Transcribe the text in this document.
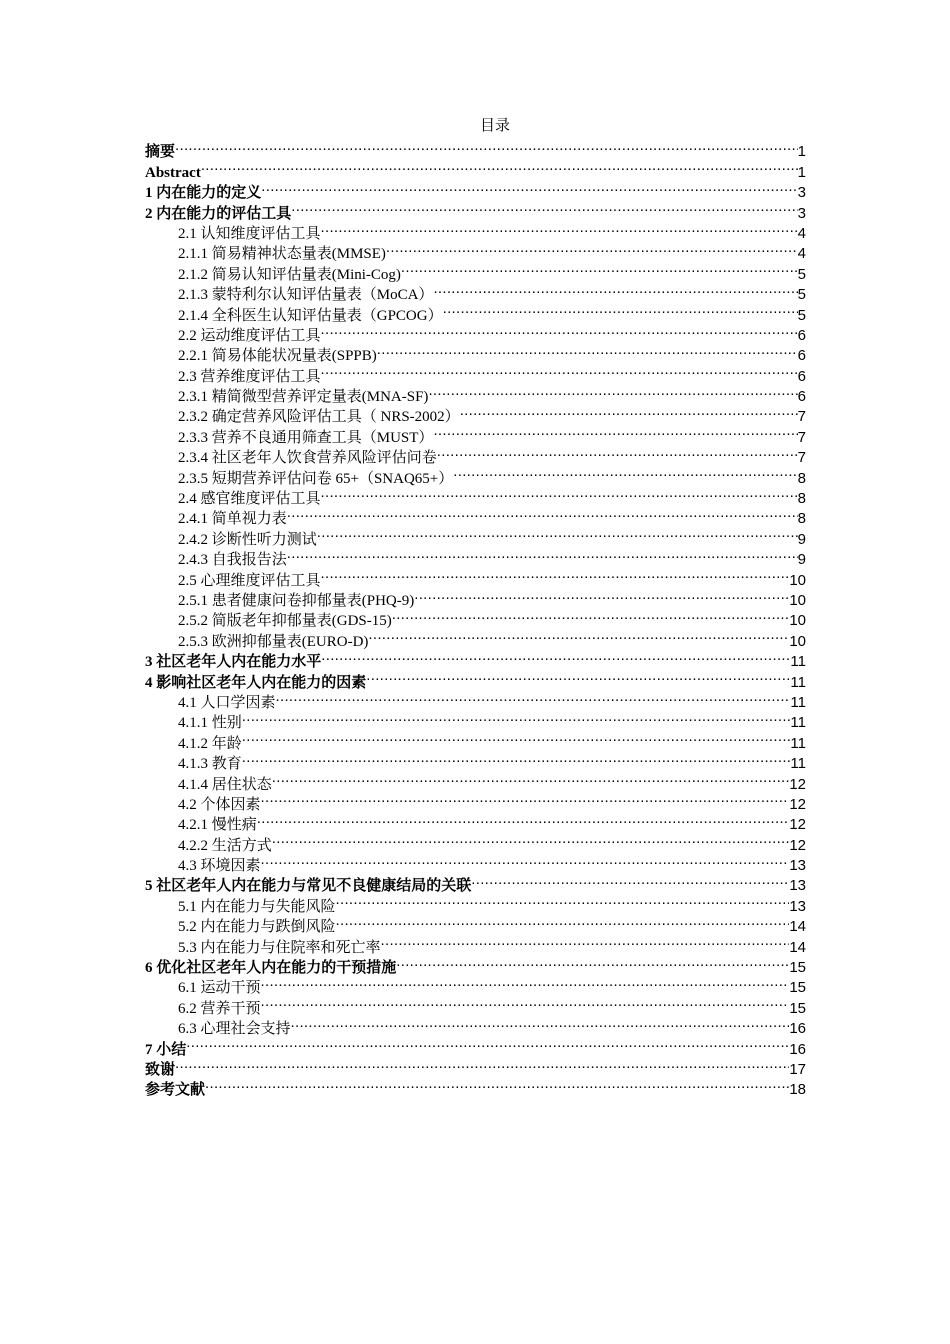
目录
摘要 .....	1
Abstract .....	1
1 内在能力的定义 .....	3
2 内在能力的评估工具 .....	3
2.1 认知维度评估工具 .....	4
2.1.1 简易精神状态量表(MMSE) .....	4
2.1.2 简易认知评估量表(Mini-Cog) .....	5
2.1.3 蒙特利尔认知评估量表（MoCA） .....	5
2.1.4 全科医生认知评估量表（GPCOG） .....	5
2.2 运动维度评估工具 .....	6
2.2.1 简易体能状况量表(SPPB) .....	6
2.3 营养维度评估工具 .....	6
2.3.1 精简微型营养评定量表(MNA-SF) .....	6
2.3.2 确定营养风险评估工具（ NRS-2002） .....	7
2.3.3 营养不良通用筛查工具（MUST） .....	7
2.3.4 社区老年人饮食营养风险评估问卷 .....	7
2.3.5 短期营养评估问卷 65+（SNAQ65+） .....	8
2.4 感官维度评估工具 .....	8
2.4.1 简单视力表 .....	8
2.4.2 诊断性听力测试 .....	9
2.4.3 自我报告法 .....	9
2.5 心理维度评估工具 .....	10
2.5.1 患者健康问卷抑郁量表(PHQ-9) .....	10
2.5.2 简版老年抑郁量表(GDS-15) .....	10
2.5.3 欧洲抑郁量表(EURO-D) .....	10
3 社区老年人内在能力水平 .....	11
4 影响社区老年人内在能力的因素 .....	11
4.1 人口学因素 .....	11
4.1.1 性别 .....	11
4.1.2 年龄 .....	11
4.1.3 教育 .....	11
4.1.4 居住状态 .....	12
4.2 个体因素 .....	12
4.2.1 慢性病 .....	12
4.2.2 生活方式 .....	12
4.3 环境因素 .....	13
5 社区老年人内在能力与常见不良健康结局的关联 .....	13
5.1 内在能力与失能风险 .....	13
5.2 内在能力与跌倒风险 .....	14
5.3 内在能力与住院率和死亡率 .....	14
6 优化社区老年人内在能力的干预措施 .....	15
6.1 运动干预 .....	15
6.2 营养干预 .....	15
6.3 心理社会支持 .....	16
7 小结 .....	16
致谢 .....	17
参考文献 .....	18
